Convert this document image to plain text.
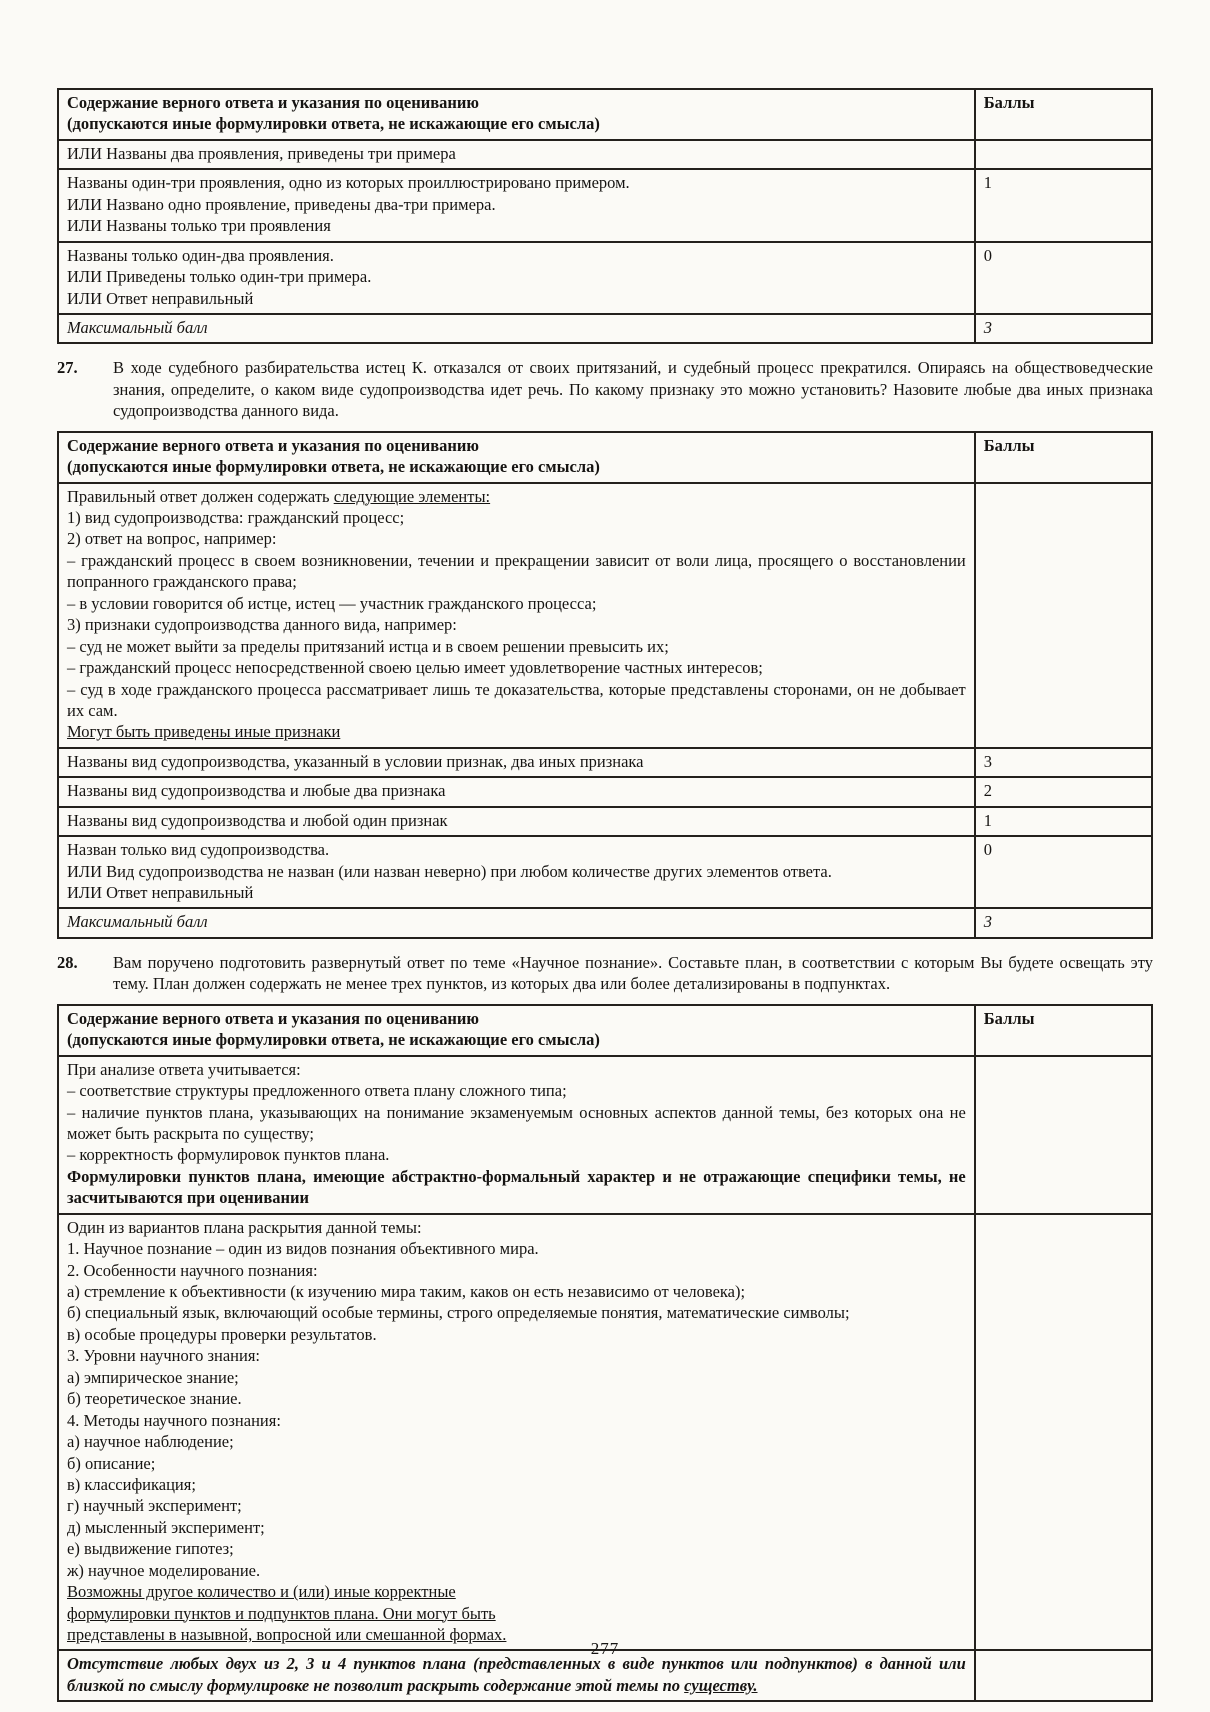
Содержание верного ответа и указания по оцениванию
(допускаются иные формулировки ответа, не искажающие его смысла)	Баллы

ИЛИ Названы два проявления, приведены три примера	

Названы один-три проявления, одно из которых проиллюстрировано примером.
ИЛИ Названо одно проявление, приведены два-три примера.
ИЛИ Названы только три проявления	1

Названы только один-два проявления.
ИЛИ Приведены только один-три примера.
ИЛИ Ответ неправильный	0
Максимальный балл	3
27.	В ходе судебного разбирательства истец К. отказался от своих притязаний, и судебный процесс прекратился. Опираясь на обществоведческие знания, определите, о каком виде судопроизводства идет речь. По какому признаку это можно установить? Назовите любые два иных признака судопроизводства данного вида.
Содержание верного ответа и указания по оцениванию
(допускаются иные формулировки ответа, не искажающие его смысла)	Баллы

Правильный ответ должен содержать следующие элементы:
1) вид судопроизводства: гражданский процесс;
2) ответ на вопрос, например:
– гражданский процесс в своем возникновении, течении и прекращении зависит от воли лица, просящего о восстановлении попранного гражданского права;
– в условии говорится об истце, истец — участник гражданского процесса;
3) признаки судопроизводства данного вида, например:
– суд не может выйти за пределы притязаний истца и в своем решении превысить их;
– гражданский процесс непосредственной своею целью имеет удовлетворение частных интересов;
– суд в ходе гражданского процесса рассматривает лишь те доказательства, которые представлены сторонами, он не добывает их сам.
Могут быть приведены иные признаки

Названы вид судопроизводства, указанный в условии признак, два иных признака	3

Названы вид судопроизводства и любые два признака	2

Названы вид судопроизводства и любой один признак	1

Назван только вид судопроизводства.
ИЛИ Вид судопроизводства не назван (или назван неверно) при любом количестве других элементов ответа.
ИЛИ Ответ неправильный	0
Максимальный балл	3
28.	Вам поручено подготовить развернутый ответ по теме «Научное познание». Составьте план, в соответствии с которым Вы будете освещать эту тему. План должен содержать не менее трех пунктов, из которых два или более детализированы в подпунктах.
Содержание верного ответа и указания по оцениванию
(допускаются иные формулировки ответа, не искажающие его смысла)	Баллы

При анализе ответа учитывается:
– соответствие структуры предложенного ответа плану сложного типа;
– наличие пунктов плана, указывающих на понимание экзаменуемым основных аспектов данной темы, без которых она не может быть раскрыта по существу;
– корректность формулировок пунктов плана.
Формулировки пунктов плана, имеющие абстрактно-формальный характер и не отражающие специфики темы, не засчитываются при оценивании	

Один из вариантов плана раскрытия данной темы:
1. Научное познание – один из видов познания объективного мира.
2. Особенности научного познания:
а) стремление к объективности (к изучению мира таким, каков он есть независимо от человека);
б) специальный язык, включающий особые термины, строго определяемые понятия, математические символы;
в) особые процедуры проверки результатов.
3. Уровни научного знания:
а) эмпирическое знание;
б) теоретическое знание.
4. Методы научного познания:
а) научное наблюдение;
б) описание;
в) классификация;
г) научный эксперимент;
д) мысленный эксперимент;
е) выдвижение гипотез;
ж) научное моделирование.
Возможны другое количество и (или) иные корректные
формулировки пунктов и подпунктов плана. Они могут быть
представлены в назывной, вопросной или смешанной формах.

Отсутствие любых двух из 2, 3 и 4 пунктов плана (представленных в виде пунктов или подпунктов) в данной или близкой по смыслу формулировке не позволит раскрыть содержание этой темы по существу.	

277
